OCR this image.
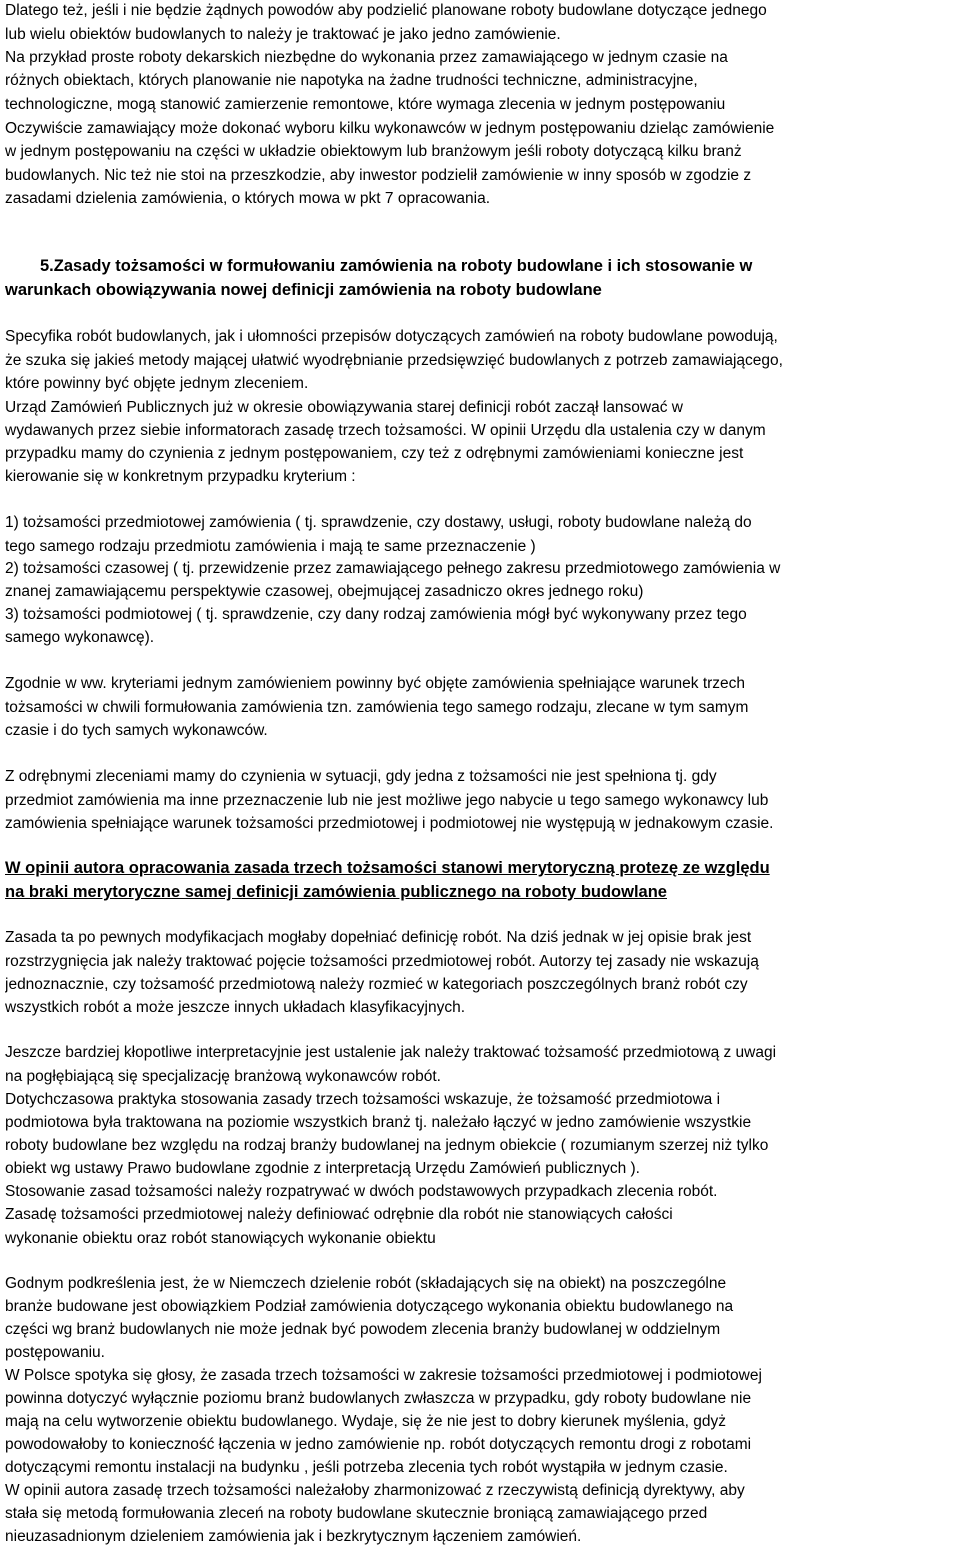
Dlatego też, jeśli i nie będzie żądnych powodów aby podzielić planowane roboty budowlane dotyczące jednego
lub wielu obiektów budowlanych to należy je traktować je jako jedno zamówienie.
Na przykład proste roboty dekarskich niezbędne do wykonania przez zamawiającego w jednym czasie na
różnych obiektach, których planowanie nie napotyka na żadne trudności techniczne, administracyjne,
technologiczne, mogą stanowić zamierzenie remontowe, które wymaga zlecenia w jednym postępowaniu
Oczywiście zamawiający może dokonać wyboru kilku wykonawców w jednym postępowaniu dzieląc zamówienie
w jednym postępowaniu na części w układzie obiektowym lub branżowym jeśli roboty dotyczącą kilku branż
budowlanych. Nic też nie stoi na przeszkodzie, aby inwestor podzielił zamówienie w inny sposób w zgodzie z
zasadami dzielenia zamówienia, o których mowa w pkt 7 opracowania.
5.Zasady tożsamości w formułowaniu zamówienia na roboty budowlane i ich stosowanie w
warunkach obowiązywania nowej definicji zamówienia na roboty budowlane
Specyfika robót budowlanych, jak i ułomności przepisów dotyczących zamówień na roboty budowlane powodują,
że szuka się jakieś metody mającej ułatwić wyodrębnianie przedsięwzięć budowlanych z potrzeb zamawiającego,
które powinny być objęte jednym zleceniem.
Urząd Zamówień Publicznych już w okresie obowiązywania starej definicji robót zaczął lansować w
wydawanych przez siebie informatorach zasadę trzech tożsamości. W opinii Urzędu dla ustalenia czy w danym
przypadku mamy do czynienia z jednym postępowaniem, czy też z odrębnymi zamówieniami konieczne jest
kierowanie się w konkretnym przypadku kryterium :
1) tożsamości przedmiotowej zamówienia ( tj. sprawdzenie, czy dostawy, usługi, roboty budowlane należą do
tego samego rodzaju przedmiotu zamówienia i mają te same przeznaczenie )
2) tożsamości czasowej ( tj. przewidzenie przez zamawiającego pełnego zakresu przedmiotowego zamówienia w
znanej zamawiającemu perspektywie czasowej, obejmującej zasadniczo okres jednego roku)
3) tożsamości podmiotowej ( tj. sprawdzenie, czy dany rodzaj zamówienia mógł być wykonywany przez tego
samego wykonawcę).
Zgodnie w ww. kryteriami jednym zamówieniem powinny być objęte zamówienia spełniające warunek trzech
tożsamości w chwili formułowania zamówienia tzn. zamówienia tego samego rodzaju, zlecane w tym samym
czasie i do tych samych wykonawców.
Z odrębnymi zleceniami mamy do czynienia w sytuacji, gdy jedna z tożsamości nie jest spełniona tj. gdy
przedmiot zamówienia ma inne przeznaczenie lub nie jest możliwe jego nabycie u tego samego wykonawcy lub
zamówienia spełniające warunek tożsamości przedmiotowej i podmiotowej nie występują w jednakowym czasie.
W opinii autora opracowania zasada trzech tożsamości stanowi merytoryczną protezę ze względu
na braki merytoryczne samej definicji zamówienia publicznego na roboty budowlane
Zasada ta po pewnych modyfikacjach mogłaby dopełniać definicję robót. Na dziś jednak w jej opisie brak jest
rozstrzygnięcia jak należy traktować pojęcie tożsamości przedmiotowej robót. Autorzy tej zasady nie wskazują
jednoznacznie, czy tożsamość przedmiotową należy rozmieć w kategoriach poszczególnych branż robót czy
wszystkich robót a może jeszcze innych układach klasyfikacyjnych.
Jeszcze bardziej kłopotliwe interpretacyjnie jest ustalenie jak należy traktować tożsamość przedmiotową z uwagi
na pogłębiającą się specjalizację branżową wykonawców robót.
Dotychczasowa praktyka stosowania zasady trzech tożsamości wskazuje, że tożsamość przedmiotowa i
podmiotowa była traktowana na poziomie wszystkich branż tj. należało łączyć w jedno zamówienie wszystkie
roboty budowlane bez względu na rodzaj branży budowlanej na jednym obiekcie ( rozumianym szerzej niż tylko
obiekt wg ustawy Prawo budowlane zgodnie z interpretacją Urzędu Zamówień publicznych ).
Stosowanie zasad tożsamości należy rozpatrywać w dwóch podstawowych przypadkach zlecenia robót.
Zasadę tożsamości przedmiotowej należy definiować odrębnie dla robót nie stanowiących całości
wykonanie obiektu oraz robót stanowiących wykonanie obiektu
Godnym podkreślenia jest, że w Niemczech dzielenie robót (składających się na obiekt) na poszczególne
branże budowane jest obowiązkiem Podział zamówienia dotyczącego wykonania obiektu budowlanego na
części wg branż budowlanych nie może jednak być powodem zlecenia branży budowlanej w oddzielnym
postępowaniu.
W Polsce spotyka się głosy, że zasada trzech tożsamości w zakresie tożsamości przedmiotowej i podmiotowej
powinna dotyczyć wyłącznie poziomu branż budowlanych zwłaszcza w przypadku, gdy roboty budowlane nie
mają na celu wytworzenie obiektu budowlanego. Wydaje, się że nie jest to dobry kierunek myślenia, gdyż
powodowałoby to konieczność łączenia w jedno zamówienie np. robót dotyczących remontu drogi z robotami
dotyczącymi remontu instalacji na budynku , jeśli potrzeba zlecenia tych robót wystąpiła w jednym czasie.
W opinii autora zasadę trzech tożsamości należałoby zharmonizować z rzeczywistą definicją dyrektywy, aby
stała się metodą formułowania zleceń na roboty budowlane skutecznie broniącą zamawiającego przed
nieuzasadnionym dzieleniem zamówienia jak i bezkrytycznym łączeniem zamówień.
